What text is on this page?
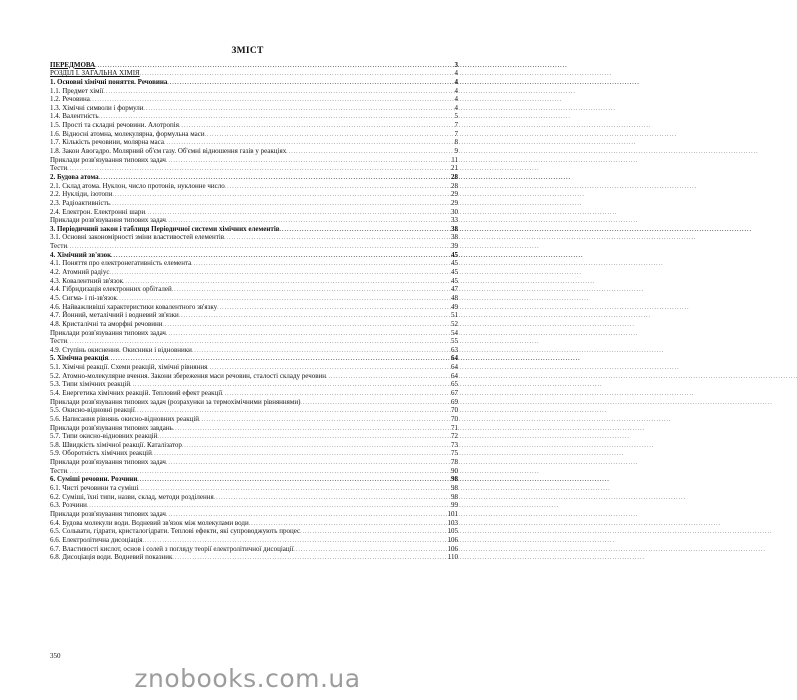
ЗМІСТ
ПЕРЕДМОВА . . .	3
РОЗДІЛ І. ЗАГАЛЬНА ХІМІЯ . . .	4
1. Основні хімічні поняття. Речовина . . .	4
1.1. Предмет хімії . . .	4
1.2. Речовина . . .	4
1.3. Хімічні символи і формули . . .	4
1.4. Валентність . . .	5
1.5. Прості та складні речовини. Алотропія . . .	7
1.6. Відносні атомна, молекулярна, формульна маси . . .	7
1.7. Кількість речовини, молярна маса . . .	8
1.8. Закон Авогадро. Молярний об'єм газу. Об'ємні відношення газів у реакціях . . .	9
Приклади розв'язування типових задач . . .	11
Тести . . .	21
2. Будова атома . . .	28
2.1. Склад атома. Нуклон, число протонів, нуклонне число . . .	28
2.2. Нукліди, ізотопи . . .	29
2.3. Радіоактивність . . .	29
2.4. Електрон. Електронні шари . . .	30
Приклади розв'язування типових задач . . .	33
3. Періодичний закон і таблиця Періодичної системи хімічних елементів . . .	38
3.1. Основні закономірності зміни властивостей елементів . . .	38
Тести . . .	39
4. Хімічний зв'язок . . .	45
4.1. Поняття про електронегативність елемента . . .	45
4.2. Атомний радіус . . .	45
4.3. Ковалентний зв'язок . . .	45
4.4. Гібридизація електронних орбіталей . . .	47
4.5. Сигма- і пі-зв'язок . . .	48
4.6. Найважливіші характеристики ковалентного зв'язку . . .	49
4.7. Йонний, металічний і водневий зв'язки . . .	51
4.8. Кристалічні та аморфні речовини . . .	52
Приклади розв'язування типових задач . . .	54
Тести . . .	55
4.9. Ступінь окиснення. Окисники і відновники . . .	63
5. Хімічна реакція . . .	64
5.1. Хімічні реакції. Схеми реакцій, хімічні рівняння . . .	64
5.2. Атомно-молекулярне вчення. Закони збереження маси речовин, сталості складу речовин . . .	64
5.3. Типи хімічних реакцій . . .	65
5.4. Енергетика хімічних реакцій. Тепловий ефект реакції . . .	67
Приклади розв'язування типових задач (розрахунки за термохімічними рівняннями) . . .	69
5.5. Окисно-відновні реакції . . .	70
5.6. Написання рівнянь окисно-відновних реакцій . . .	70
Приклади розв'язування типових завдань . . .	71
5.7. Типи окисно-відновних реакцій . . .	72
5.8. Швидкість хімічної реакції. Каталізатор . . .	73
5.9. Оборотність хімічних реакцій . . .	75
Приклади розв'язування типових задач . . .	78
Тести . . .	90
6. Суміші речовин. Розчини . . .	98
6.1. Чисті речовини та суміші . . .	98
6.2. Суміші, їхні типи, назви, склад, методи розділення . . .	98
6.3. Розчини . . .	99
Приклади розв'язування типових задач . . .	101
6.4. Будова молекули води. Водневий зв'язок між молекулами води . . .	103
6.5. Сольвати, гідрати, кристалогідрати. Теплові ефекти, які супроводжують процес . . .	105
6.6. Електролітична дисоціація . . .	106
6.7. Властивості кислот, основ і солей з погляду теорії електролітичної дисоціації . . .	106
6.8. Дисоціація води. Водневий показник . . .	110
350
znobooks.com.ua
